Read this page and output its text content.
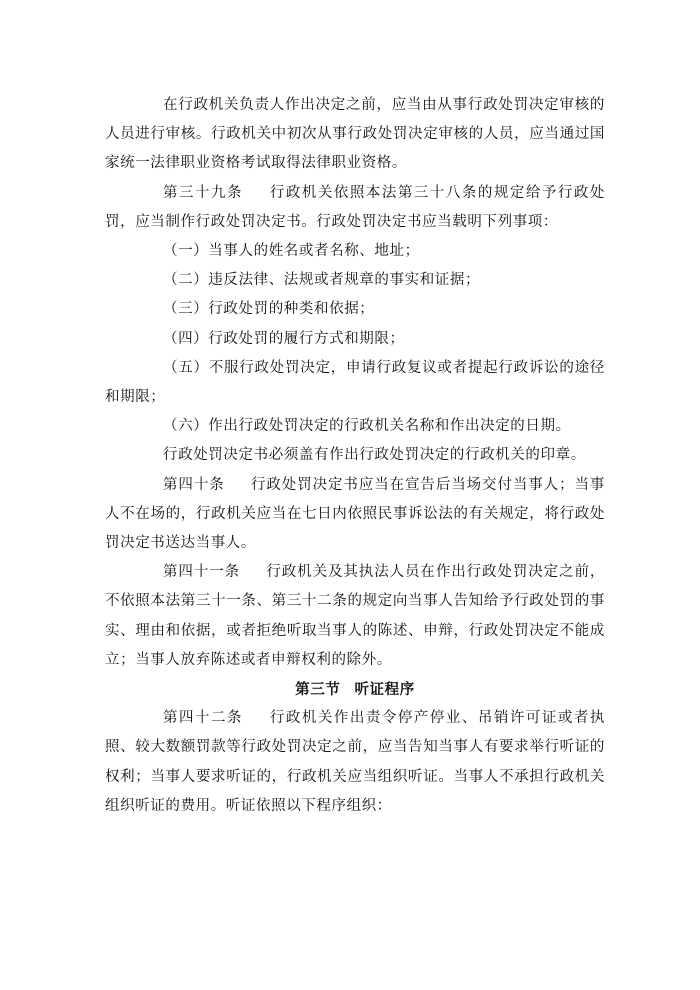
在行政机关负责人作出决定之前，应当由从事行政处罚决定审核的人员进行审核。行政机关中初次从事行政处罚决定审核的人员，应当通过国家统一法律职业资格考试取得法律职业资格。

第三十九条 行政机关依照本法第三十八条的规定给予行政处罚，应当制作行政处罚决定书。行政处罚决定书应当载明下列事项：

（一）当事人的姓名或者名称、地址；

（二）违反法律、法规或者规章的事实和证据；

（三）行政处罚的种类和依据；

（四）行政处罚的履行方式和期限；

（五）不服行政处罚决定，申请行政复议或者提起行政诉讼的途径和期限；

（六）作出行政处罚决定的行政机关名称和作出决定的日期。

行政处罚决定书必须盖有作出行政处罚决定的行政机关的印章。

第四十条 行政处罚决定书应当在宣告后当场交付当事人；当事人不在场的，行政机关应当在七日内依照民事诉讼法的有关规定，将行政处罚决定书送达当事人。

第四十一条 行政机关及其执法人员在作出行政处罚决定之前，不依照本法第三十一条、第三十二条的规定向当事人告知给予行政处罚的事实、理由和依据，或者拒绝听取当事人的陈述、申辩，行政处罚决定不能成立；当事人放弃陈述或者申辩权利的除外。

第三节 听证程序

第四十二条 行政机关作出责令停产停业、吊销许可证或者执照、较大数额罚款等行政处罚决定之前，应当告知当事人有要求举行听证的权利；当事人要求听证的，行政机关应当组织听证。当事人不承担行政机关组织听证的费用。听证依照以下程序组织：
